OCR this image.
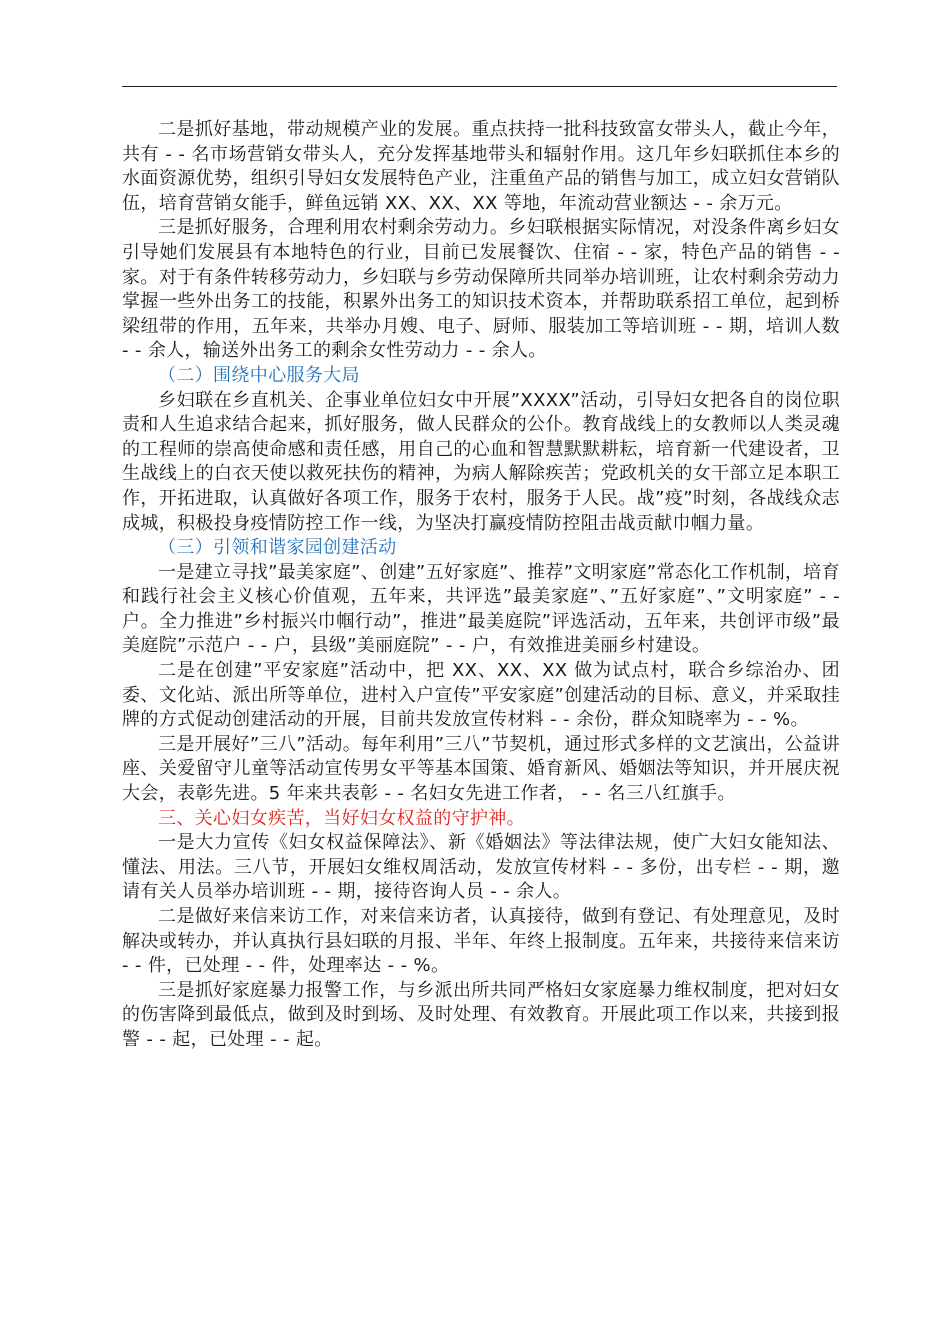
二是抓好基地，带动规模产业的发展。重点扶持一批科技致富女带头人，截止今年，共有 - - 名市场营销女带头人，充分发挥基地带头和辐射作用。这几年乡妇联抓住本乡的水面资源优势，组织引导妇女发展特色产业，注重鱼产品的销售与加工，成立妇女营销队伍，培育营销女能手，鲜鱼远销 XX、XX、XX 等地，年流动营业额达 - - 余万元。

三是抓好服务，合理利用农村剩余劳动力。乡妇联根据实际情况，对没条件离乡妇女引导她们发展县有本地特色的行业，目前已发展餐饮、住宿 - - 家，特色产品的销售 - - 家。对于有条件转移劳动力，乡妇联与乡劳动保障所共同举办培训班，让农村剩余劳动力掌握一些外出务工的技能，积累外出务工的知识技术资本，并帮助联系招工单位，起到桥梁纽带的作用，五年来，共举办月嫂、电子、厨师、服装加工等培训班 - - 期，培训人数 - - 余人，输送外出务工的剩余女性劳动力 - - 余人。

（二）围绕中心服务大局

乡妇联在乡直机关、企事业单位妇女中开展”XXXX”活动，引导妇女把各自的岗位职责和人生追求结合起来，抓好服务，做人民群众的公仆。教育战线上的女教师以人类灵魂的工程师的崇高使命感和责任感，用自己的心血和智慧默默耕耘，培育新一代建设者，卫生战线上的白衣天使以救死扶伤的精神，为病人解除疾苦；党政机关的女干部立足本职工作，开拓进取，认真做好各项工作，服务于农村，服务于人民。战”疫”时刻，各战线众志成城，积极投身疫情防控工作一线，为坚决打赢疫情防控阻击战贡献巾帼力量。

（三）引领和谐家园创建活动

一是建立寻找”最美家庭”、创建”五好家庭”、推荐”文明家庭”常态化工作机制，培育和践行社会主义核心价值观，五年来，共评选”最美家庭”、”五好家庭”、”文明家庭” - - 户。全力推进”乡村振兴巾帼行动”，推进”最美庭院”评选活动，五年来，共创评市级”最美庭院”示范户 - - 户，县级”美丽庭院” - - 户，有效推进美丽乡村建设。

二是在创建”平安家庭”活动中，把 XX、XX、XX 做为试点村，联合乡综治办、团委、文化站、派出所等单位，进村入户宣传”平安家庭”创建活动的目标、意义，并采取挂牌的方式促动创建活动的开展，目前共发放宣传材料 - - 余份，群众知晓率为 - - %。

三是开展好”三八”活动。每年利用”三八”节契机，通过形式多样的文艺演出，公益讲座、关爱留守儿童等活动宣传男女平等基本国策、婚育新风、婚姻法等知识，并开展庆祝大会，表彰先进。5 年来共表彰 - - 名妇女先进工作者， - - 名三八红旗手。

三、关心妇女疾苦，当好妇女权益的守护神。

一是大力宣传《妇女权益保障法》、新《婚姻法》等法律法规，使广大妇女能知法、懂法、用法。三八节，开展妇女维权周活动，发放宣传材料 - - 多份，出专栏 - - 期，邀请有关人员举办培训班 - - 期，接待咨询人员 - - 余人。

二是做好来信来访工作，对来信来访者，认真接待，做到有登记、有处理意见，及时解决或转办，并认真执行县妇联的月报、半年、年终上报制度。五年来，共接待来信来访 - - 件，已处理 - - 件，处理率达 - - %。

三是抓好家庭暴力报警工作，与乡派出所共同严格妇女家庭暴力维权制度，把对妇女的伤害降到最低点，做到及时到场、及时处理、有效教育。开展此项工作以来，共接到报警 - - 起，已处理 - - 起。
